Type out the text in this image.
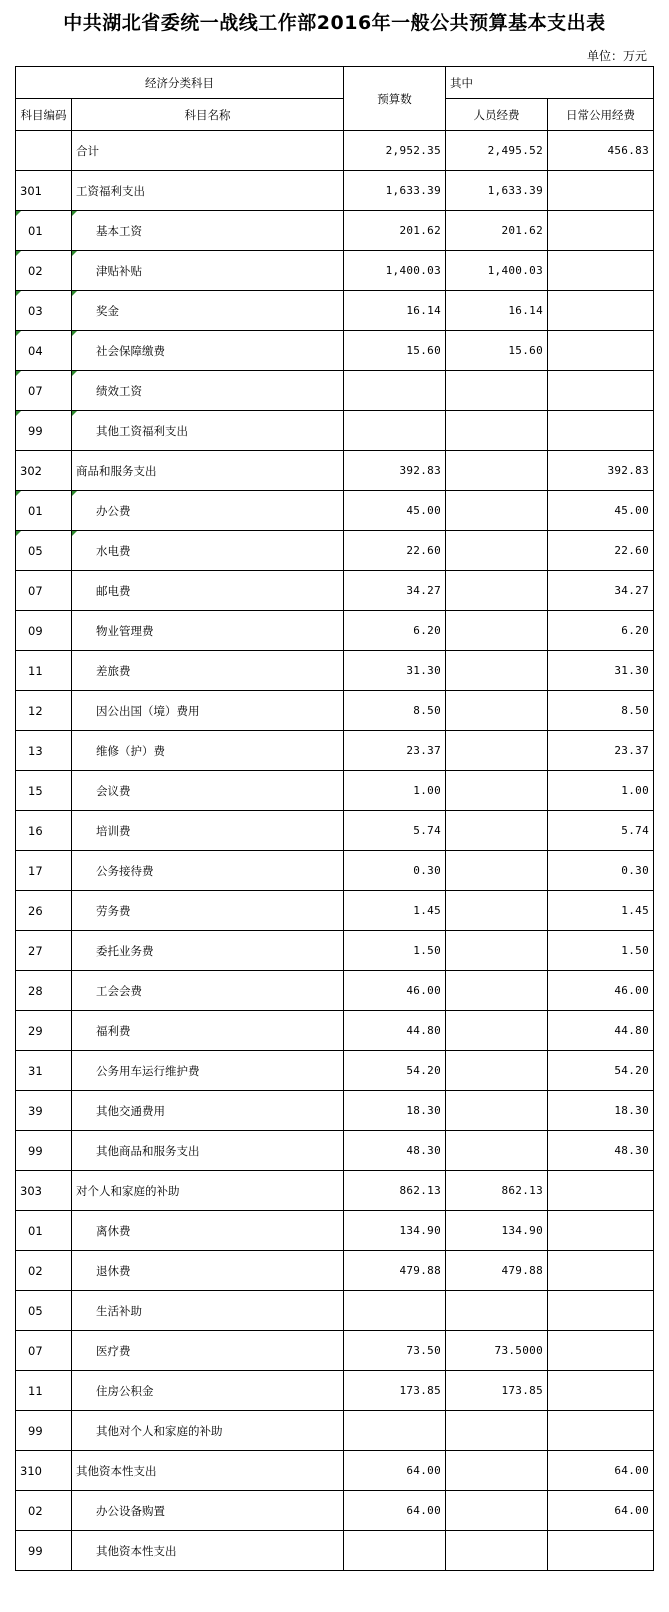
中共湖北省委统一战线工作部2016年一般公共预算基本支出表
单位：万元
经济分类科目		预算数	其中	
科目编码	科目名称		人员经费	日常公用经费
	合计	2,952.35	2,495.52	456.83
301	工资福利支出	1,633.39	1,633.39	

01	基本工资	201.62	201.62	

02	津贴补贴	1,400.03	1,400.03	

03	奖金	16.14	16.14	

04	社会保障缴费	15.60	15.60	

07	绩效工资			

99	其他工资福利支出			
302	商品和服务支出	392.83		392.83

01	办公费	45.00		45.00

05	水电费	22.60		22.60
07	邮电费	34.27		34.27
09	物业管理费	6.20		6.20
11	差旅费	31.30		31.30
12	因公出国（境）费用	8.50		8.50
13	维修（护）费	23.37		23.37
15	会议费	1.00		1.00
16	培训费	5.74		5.74
17	公务接待费	0.30		0.30
26	劳务费	1.45		1.45
27	委托业务费	1.50		1.50
28	工会会费	46.00		46.00
29	福利费	44.80		44.80
31	公务用车运行维护费	54.20		54.20
39	其他交通费用	18.30		18.30
99	其他商品和服务支出	48.30		48.30
303	对个人和家庭的补助	862.13	862.13	
01	离休费	134.90	134.90	
02	退休费	479.88	479.88	
05	生活补助			
07	医疗费	73.50	73.5000	
11	住房公积金	173.85	173.85	
99	其他对个人和家庭的补助			
310	其他资本性支出	64.00		64.00
02	办公设备购置	64.00		64.00
99	其他资本性支出			
